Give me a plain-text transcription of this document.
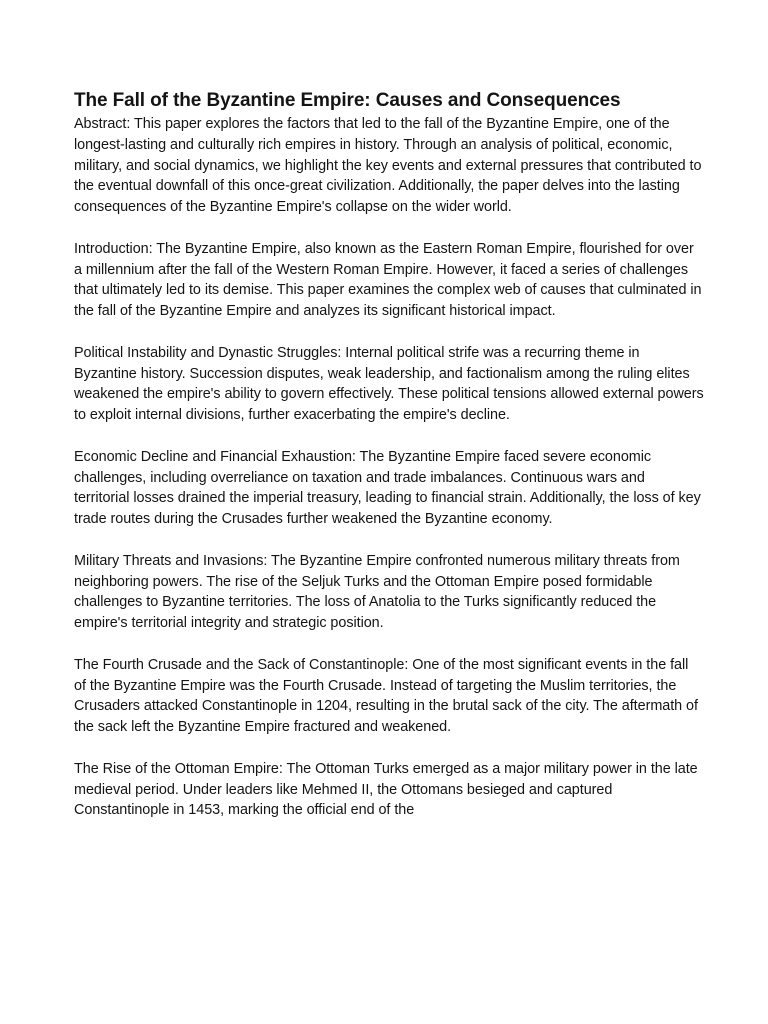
The Fall of the Byzantine Empire: Causes and Consequences

Abstract: This paper explores the factors that led to the fall of the Byzantine Empire, one of the longest-lasting and culturally rich empires in history. Through an analysis of political, economic, military, and social dynamics, we highlight the key events and external pressures that contributed to the eventual downfall of this once-great civilization. Additionally, the paper delves into the lasting consequences of the Byzantine Empire's collapse on the wider world.

Introduction: The Byzantine Empire, also known as the Eastern Roman Empire, flourished for over a millennium after the fall of the Western Roman Empire. However, it faced a series of challenges that ultimately led to its demise. This paper examines the complex web of causes that culminated in the fall of the Byzantine Empire and analyzes its significant historical impact.

Political Instability and Dynastic Struggles: Internal political strife was a recurring theme in Byzantine history. Succession disputes, weak leadership, and factionalism among the ruling elites weakened the empire's ability to govern effectively. These political tensions allowed external powers to exploit internal divisions, further exacerbating the empire's decline.

Economic Decline and Financial Exhaustion: The Byzantine Empire faced severe economic challenges, including overreliance on taxation and trade imbalances. Continuous wars and territorial losses drained the imperial treasury, leading to financial strain. Additionally, the loss of key trade routes during the Crusades further weakened the Byzantine economy.

Military Threats and Invasions: The Byzantine Empire confronted numerous military threats from neighboring powers. The rise of the Seljuk Turks and the Ottoman Empire posed formidable challenges to Byzantine territories. The loss of Anatolia to the Turks significantly reduced the empire's territorial integrity and strategic position.

The Fourth Crusade and the Sack of Constantinople: One of the most significant events in the fall of the Byzantine Empire was the Fourth Crusade. Instead of targeting the Muslim territories, the Crusaders attacked Constantinople in 1204, resulting in the brutal sack of the city. The aftermath of the sack left the Byzantine Empire fractured and weakened.

The Rise of the Ottoman Empire: The Ottoman Turks emerged as a major military power in the late medieval period. Under leaders like Mehmed II, the Ottomans besieged and captured Constantinople in 1453, marking the official end of the
